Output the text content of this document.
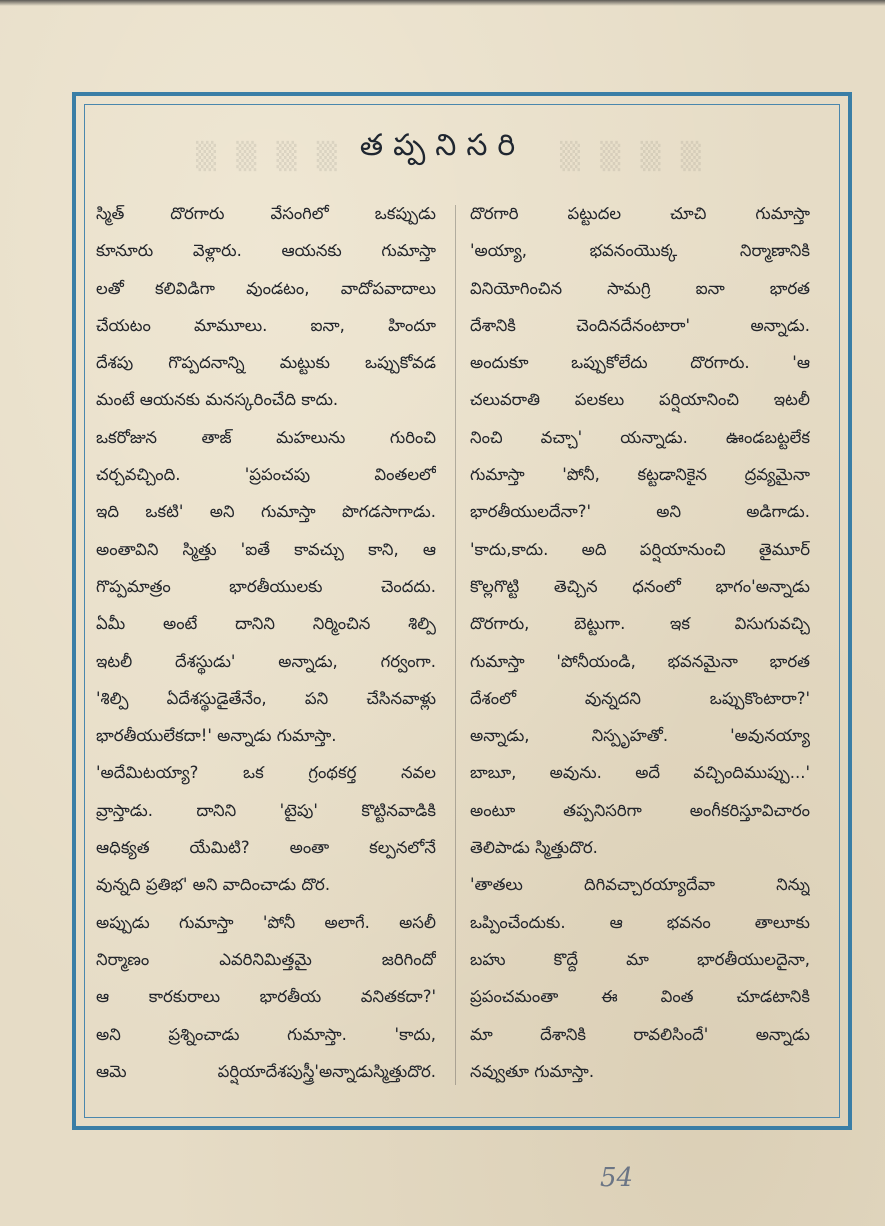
▒ ▒ ▒ ▒	▒ ▒ ▒ ▒
తప్పనిసరి
స్మిత్ దొరగారు వేసంగిలో ఒకప్పుడు
కూనూరు వెళ్లారు. ఆయనకు గుమాస్తా
లతో కలివిడిగా వుండటం, వాదోపవాదాలు
చేయటం మామూలు. ఐనా, హిందూ
దేశపు గొప్పదనాన్ని మట్టుకు ఒప్పుకోవడ
మంటే ఆయనకు మనస్కరించేది కాదు.
ఒకరోజున తాజ్ మహలును గురించి
చర్చవచ్చింది. 'ప్రపంచపు వింతలలో
ఇది ఒకటి' అని గుమాస్తా పొగడసాగాడు.
అంతావిని స్మిత్తు 'ఐతే కావచ్చు కాని, ఆ
గొప్పమాత్రం భారతీయులకు చెందదు.
ఏమీ అంటే దానిని నిర్మించిన శిల్పి
ఇటలీ దేశస్థుడు' అన్నాడు, గర్వంగా.
'శిల్పి ఏదేశస్థుడైతేనేం, పని చేసినవాళ్లు
భారతీయులేకదా!' అన్నాడు గుమాస్తా.
'అదేమిటయ్యా? ఒక గ్రంథకర్త నవల
వ్రాస్తాడు. దానిని 'టైపు' కొట్టినవాడికి
ఆధిక్యత యేమిటి? అంతా కల్పనలోనే
వున్నది ప్రతిభ' అని వాదించాడు దొర.
అప్పుడు గుమాస్తా 'పోనీ అలాగే. అసలీ
నిర్మాణం ఎవరినిమిత్తమై జరిగిందో
ఆ కారకురాలు భారతీయ వనితకదా?'
అని ప్రశ్నించాడు గుమాస్తా. 'కాదు,
ఆమె పర్షియాదేశపుస్త్రీ'అన్నాడుస్మిత్తుదొర.
దొరగారి పట్టుదల చూచి గుమాస్తా
'అయ్యా, భవనంయొక్క నిర్మాణానికి
వినియోగించిన సామగ్రి ఐనా భారత
దేశానికి చెందినదేనంటారా' అన్నాడు.
అందుకూ ఒప్పుకోలేదు దొరగారు. 'ఆ
చలువరాతి పలకలు పర్షియానించి ఇటలీ
నించి వచ్చా' యన్నాడు. ఊండబట్టలేక
గుమాస్తా 'పోనీ, కట్టడానికైన ద్రవ్యమైనా
భారతీయులదేనా?' అని అడిగాడు.
'కాదు,కాదు. అది పర్షియానుంచి తైమూర్
కొల్లగొట్టి తెచ్చిన ధనంలో భాగం'అన్నాడు
దొరగారు, బెట్టుగా. ఇక విసుగువచ్చి
గుమాస్తా 'పోనీయండి, భవనమైనా భారత
దేశంలో వున్నదని ఒప్పుకొంటారా?'
అన్నాడు, నిస్పృహతో. 'అవునయ్యా
బాబూ, అవును. అదే వచ్చిందిముప్పు...'
అంటూ తప్పనిసరిగా అంగీకరిస్తూవిచారం
తెలిపాడు స్మిత్తుదొర.
'తాతలు దిగివచ్చారయ్యాదేవా నిన్ను
ఒప్పించేందుకు. ఆ భవనం తాలూకు
బహు కొద్దే మా భారతీయులదైనా,
ప్రపంచమంతా ఈ వింత చూడటానికి
మా దేశానికి రావలిసిందే' అన్నాడు
నవ్వుతూ గుమాస్తా.
54
